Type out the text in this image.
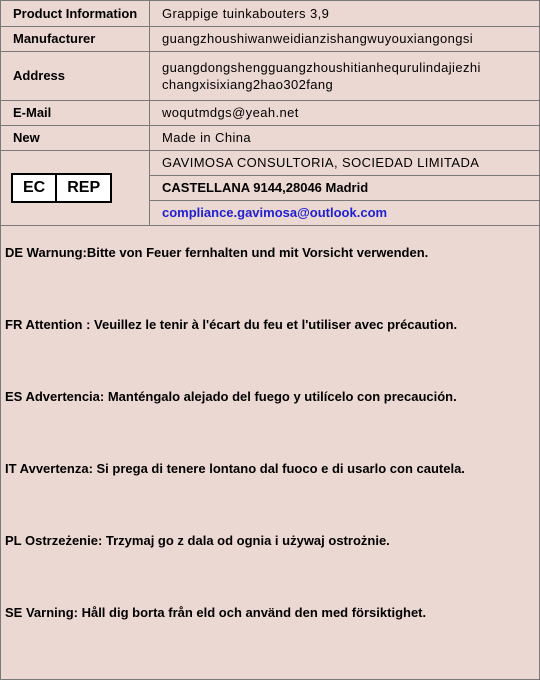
Product Information	Grappige tuinkabouters 3,9
Manufacturer	guangzhoushiwanweidianzishangwuyouxiangongsi
Address	guangdongshengguangzhoushitianhequrulindajiezhi
changxisixiang2hao302fang

E-Mail	woqutmdgs@yeah.net
New	Made in China

EC REP	GAVIMOSA CONSULTORIA, SOCIEDAD LIMITADA
	CASTELLANA 9144,28046 Madrid
	compliance.gavimosa@outlook.com
DE Warnung:Bitte von Feuer fernhalten und mit Vorsicht verwenden.
FR Attention : Veuillez le tenir à l'écart du feu et l'utiliser avec précaution.
ES Advertencia: Manténgalo alejado del fuego y utilícelo con precaución.
IT Avvertenza: Si prega di tenere lontano dal fuoco e di usarlo con cautela.
PL Ostrzeżenie: Trzymaj go z dala od ognia i używaj ostrożnie.
SE Varning: Håll dig borta från eld och använd den med försiktighet.
